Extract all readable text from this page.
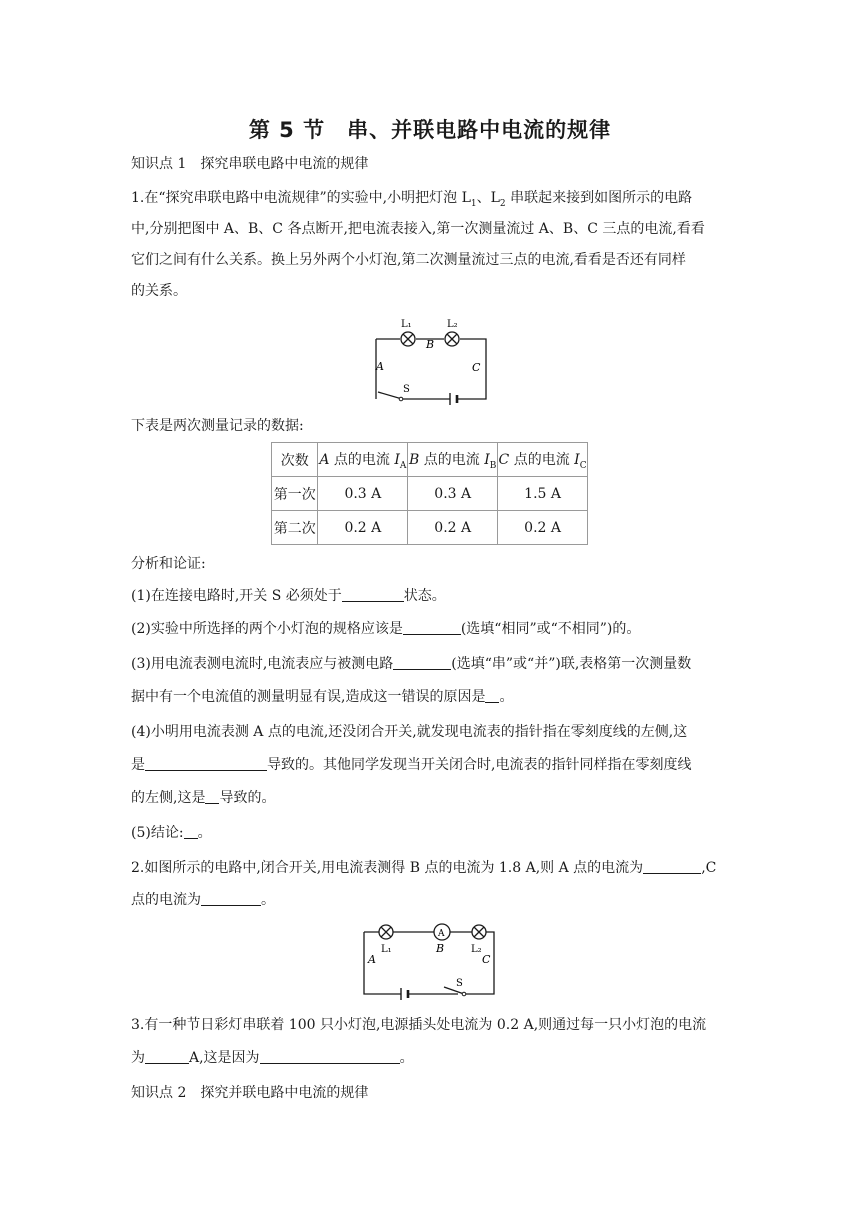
第 5 节　串、并联电路中电流的规律
知识点 1　探究串联电路中电流的规律
1.在“探究串联电路中电流规律”的实验中,小明把灯泡 $L_1$、$L_2$ 串联起来接到如图所示的电路
中,分别把图中 A、B、C 各点断开,把电流表接入,第一次测量流过 A、B、C 三点的电流,看看
它们之间有什么关系。换上另外两个小灯泡,第二次测量流过三点的电流,看看是否还有同样
的关系。
L₁	L₂
B
A	C
S
下表是两次测量记录的数据:
次数	A 点的电流 $I_A$	B 点的电流 $I_B$	C 点的电流 $I_C$
第一次	0.3 A	0.3 A	1.5 A
第二次	0.2 A	0.2 A	0.2 A
分析和论证:
(1)在连接电路时,开关 S 必须处于	状态。
(2)实验中所选择的两个小灯泡的规格应该是	(选填“相同”或“不相同”)的。
(3)用电流表测电流时,电流表应与被测电路	(选填“串”或“并”)联,表格第一次测量数
据中有一个电流值的测量明显有误,造成这一错误的原因是 。
(4)小明用电流表测 A 点的电流,还没闭合开关,就发现电流表的指针指在零刻度线的左侧,这
是	导致的。其他同学发现当开关闭合时,电流表的指针同样指在零刻度线
的左侧,这是 导致的。
(5)结论: 。
2.如图所示的电路中,闭合开关,用电流表测得 B 点的电流为 1.8 A,则 A 点的电流为	,C
点的电流为	。
A
L₁	B	L₂
A	C
S
3.有一种节日彩灯串联着 100 只小灯泡,电源插头处电流为 0.2 A,则通过每一只小灯泡的电流
为	A,这是因为	。
知识点 2　探究并联电路中电流的规律
